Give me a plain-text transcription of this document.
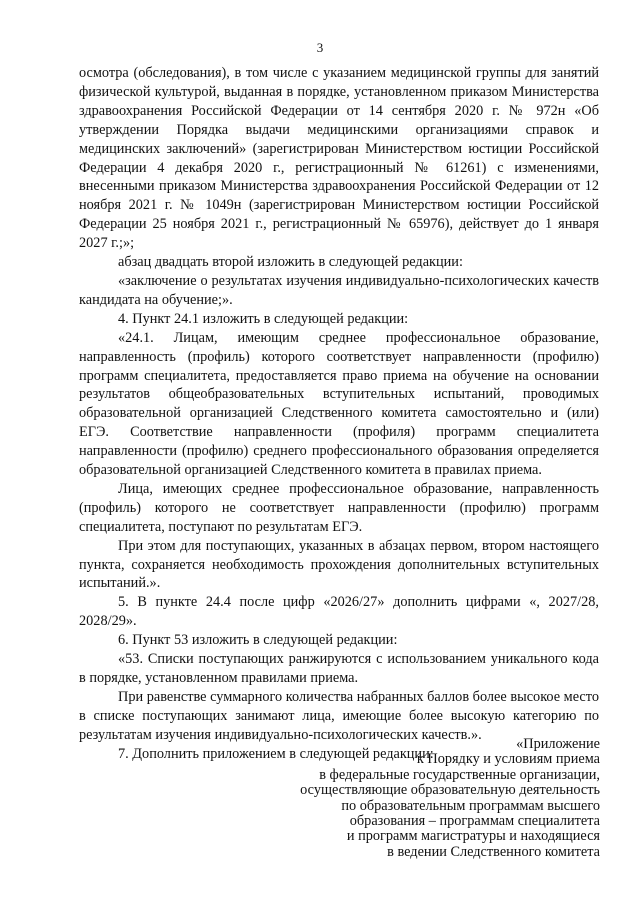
3

осмотра (обследования), в том числе с указанием медицинской группы для занятий физической культурой, выданная в порядке, установленном приказом Министерства здравоохранения Российской Федерации от 14 сентября 2020 г. № 972н «Об утверждении Порядка выдачи медицинскими организациями справок и медицинских заключений» (зарегистрирован Министерством юстиции Российской Федерации 4 декабря 2020 г., регистрационный № 61261) с изменениями, внесенными приказом Министерства здравоохранения Российской Федерации от 12 ноября 2021 г. № 1049н (зарегистрирован Министерством юстиции Российской Федерации 25 ноября 2021 г., регистрационный № 65976), действует до 1 января 2027 г.;»;

абзац двадцать второй изложить в следующей редакции:

«заключение о результатах изучения индивидуально-психологических качеств кандидата на обучение;».

4. Пункт 24.1 изложить в следующей редакции:

«24.1. Лицам, имеющим среднее профессиональное образование, направленность (профиль) которого соответствует направленности (профилю) программ специалитета, предоставляется право приема на обучение на основании результатов общеобразовательных вступительных испытаний, проводимых образовательной организацией Следственного комитета самостоятельно и (или) ЕГЭ. Соответствие направленности (профиля) программ специалитета направленности (профилю) среднего профессионального образования определяется образовательной организацией Следственного комитета в правилах приема.

Лица, имеющих среднее профессиональное образование, направленность (профиль) которого не соответствует направленности (профилю) программ специалитета, поступают по результатам ЕГЭ.

При этом для поступающих, указанных в абзацах первом, втором настоящего пункта, сохраняется необходимость прохождения дополнительных вступительных испытаний.».

5. В пункте 24.4 после цифр «2026/27» дополнить цифрами «, 2027/28, 2028/29».

6. Пункт 53 изложить в следующей редакции:

«53. Списки поступающих ранжируются с использованием уникального кода в порядке, установленном правилами приема.

При равенстве суммарного количества набранных баллов более высокое место в списке поступающих занимают лица, имеющие более высокую категорию по результатам изучения индивидуально-психологических качеств.».

7. Дополнить приложением в следующей редакции:

«Приложение
к Порядку и условиям приема
в федеральные государственные организации,
осуществляющие образовательную деятельность
по образовательным программам высшего
образования – программам специалитета
и программ магистратуры и находящиеся
в ведении Следственного комитета
